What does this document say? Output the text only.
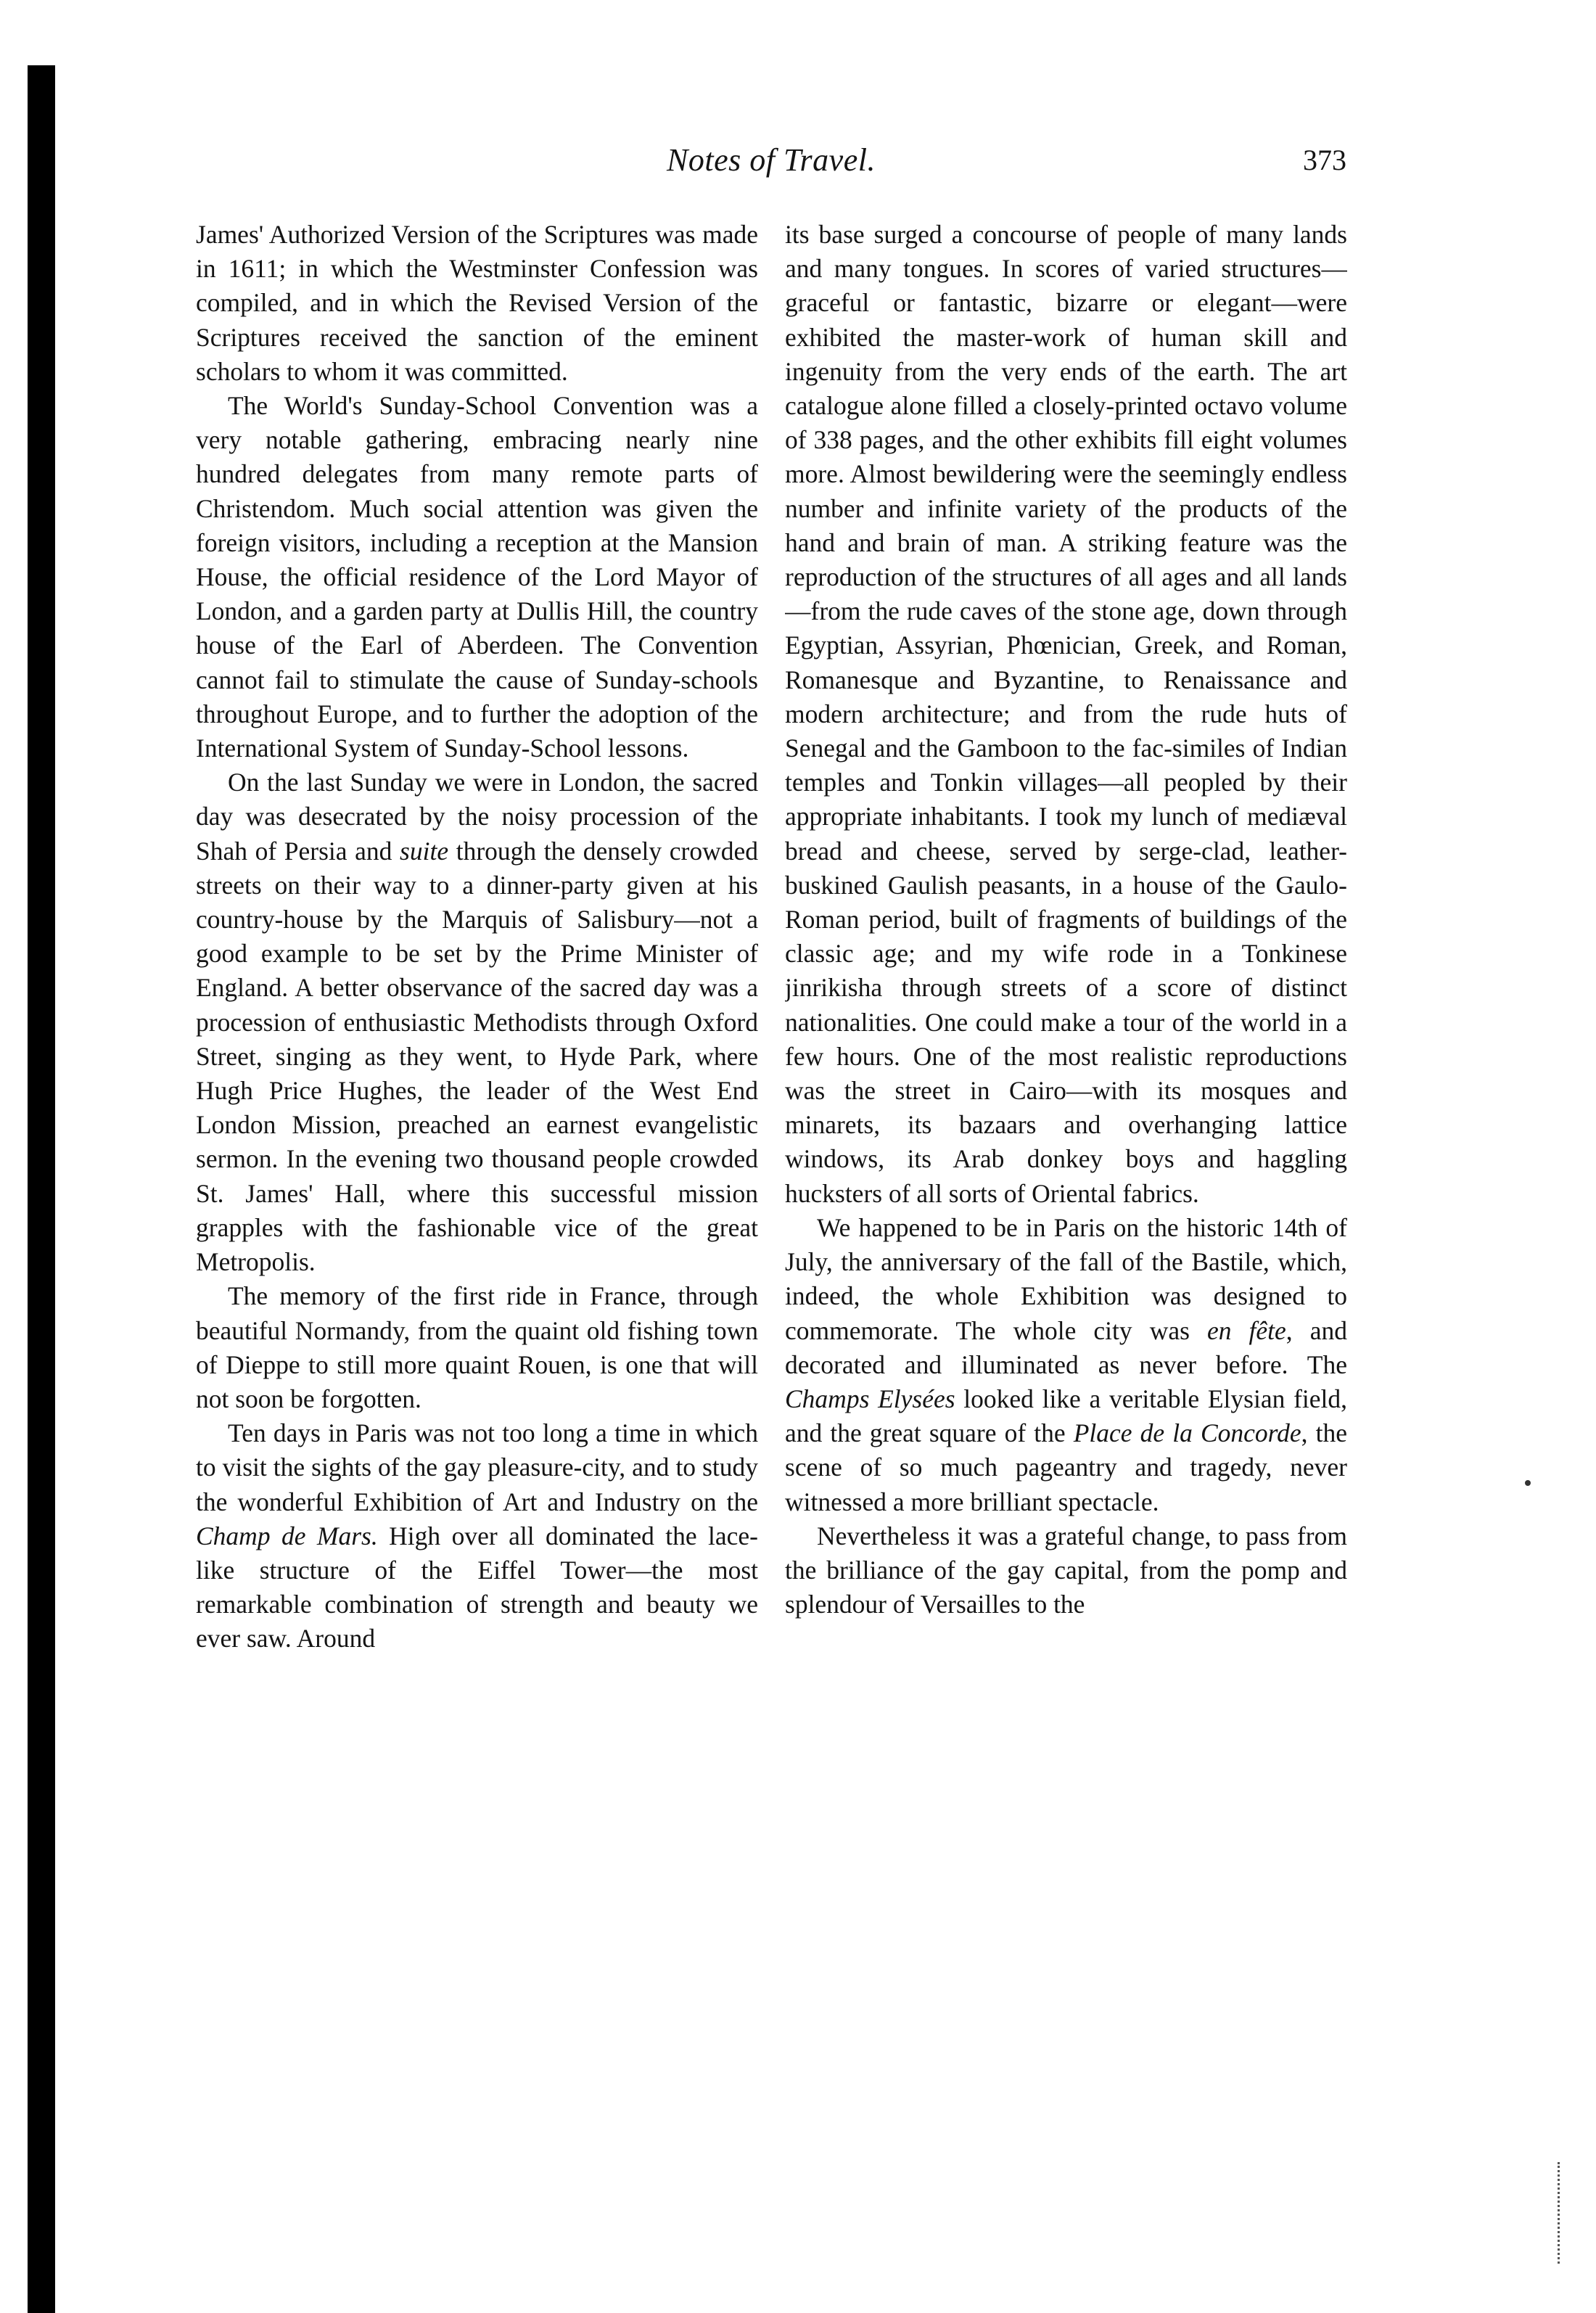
Notes of Travel.	373

James' Authorized Version of the Scriptures was made in 1611; in which the Westminster Confession was compiled, and in which the Revised Version of the Scriptures received the sanction of the eminent scholars to whom it was committed.

The World's Sunday-School Convention was a very notable gathering, embracing nearly nine hundred delegates from many remote parts of Christendom. Much social attention was given the foreign visitors, including a reception at the Mansion House, the official residence of the Lord Mayor of London, and a garden party at Dullis Hill, the country house of the Earl of Aberdeen. The Convention cannot fail to stimulate the cause of Sunday-schools throughout Europe, and to further the adoption of the International System of Sunday-School lessons.

On the last Sunday we were in London, the sacred day was desecrated by the noisy procession of the Shah of Persia and suite through the densely crowded streets on their way to a dinner-party given at his country-house by the Marquis of Salisbury—not a good example to be set by the Prime Minister of England. A better observance of the sacred day was a procession of enthusiastic Methodists through Oxford Street, singing as they went, to Hyde Park, where Hugh Price Hughes, the leader of the West End London Mission, preached an earnest evangelistic sermon. In the evening two thousand people crowded St. James' Hall, where this successful mission grapples with the fashionable vice of the great Metropolis.

The memory of the first ride in France, through beautiful Normandy, from the quaint old fishing town of Dieppe to still more quaint Rouen, is one that will not soon be forgotten.

Ten days in Paris was not too long a time in which to visit the sights of the gay pleasure-city, and to study the wonderful Exhibition of Art and Industry on the Champ de Mars. High over all dominated the lace-like structure of the Eiffel Tower—the most remarkable combination of strength and beauty we ever saw. Around

its base surged a concourse of people of many lands and many tongues. In scores of varied structures—graceful or fantastic, bizarre or elegant—were exhibited the master-work of human skill and ingenuity from the very ends of the earth. The art catalogue alone filled a closely-printed octavo volume of 338 pages, and the other exhibits fill eight volumes more. Almost bewildering were the seemingly endless number and infinite variety of the products of the hand and brain of man. A striking feature was the reproduction of the structures of all ages and all lands—from the rude caves of the stone age, down through Egyptian, Assyrian, Phœnician, Greek, and Roman, Romanesque and Byzantine, to Renaissance and modern architecture; and from the rude huts of Senegal and the Gamboon to the fac-similes of Indian temples and Tonkin villages—all peopled by their appropriate inhabitants. I took my lunch of mediæval bread and cheese, served by serge-clad, leather-buskined Gaulish peasants, in a house of the Gaulo-Roman period, built of fragments of buildings of the classic age; and my wife rode in a Tonkinese jinrikisha through streets of a score of distinct nationalities. One could make a tour of the world in a few hours. One of the most realistic reproductions was the street in Cairo—with its mosques and minarets, its bazaars and overhanging lattice windows, its Arab donkey boys and haggling hucksters of all sorts of Oriental fabrics.

We happened to be in Paris on the historic 14th of July, the anniversary of the fall of the Bastile, which, indeed, the whole Exhibition was designed to commemorate. The whole city was en fête, and decorated and illuminated as never before. The Champs Elysées looked like a veritable Elysian field, and the great square of the Place de la Concorde, the scene of so much pageantry and tragedy, never witnessed a more brilliant spectacle.

Nevertheless it was a grateful change, to pass from the brilliance of the gay capital, from the pomp and splendour of Versailles to the
